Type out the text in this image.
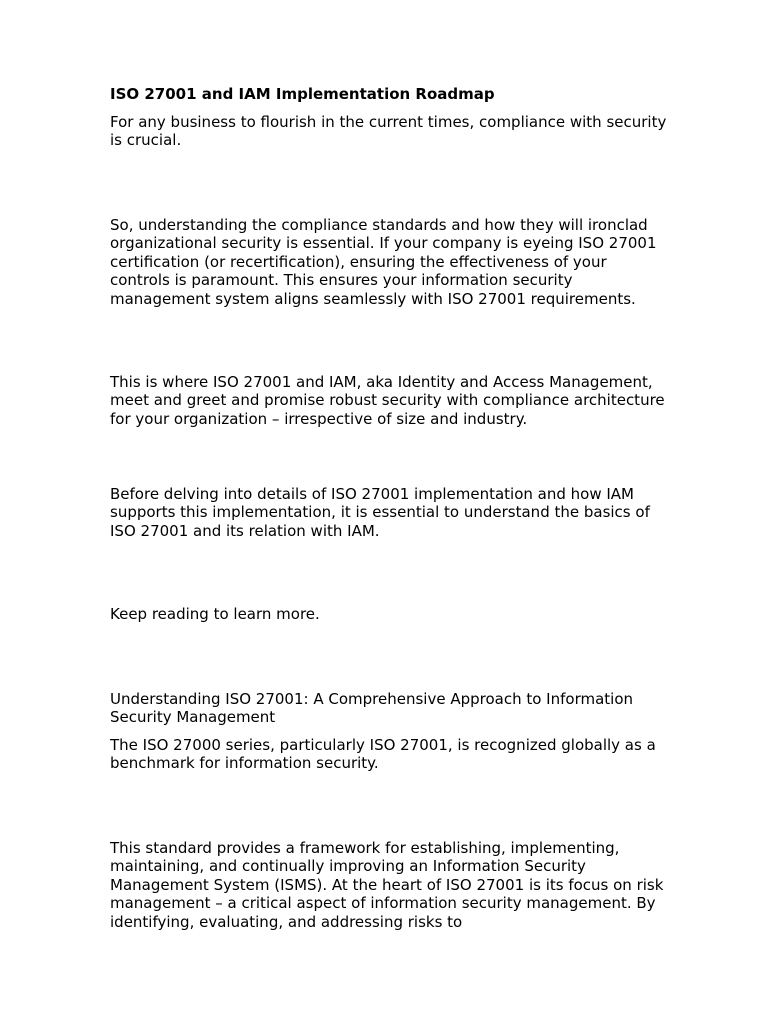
ISO 27001 and IAM Implementation Roadmap

For any business to flourish in the current times, compliance with security is crucial.

So, understanding the compliance standards and how they will ironclad organizational security is essential. If your company is eyeing ISO 27001 certification (or recertification), ensuring the effectiveness of your controls is paramount. This ensures your information security management system aligns seamlessly with ISO 27001 requirements.

This is where ISO 27001 and IAM, aka Identity and Access Management, meet and greet and promise robust security with compliance architecture for your organization – irrespective of size and industry.

Before delving into details of ISO 27001 implementation and how IAM supports this implementation, it is essential to understand the basics of ISO 27001 and its relation with IAM.

Keep reading to learn more.

Understanding ISO 27001: A Comprehensive Approach to Information Security Management

The ISO 27000 series, particularly ISO 27001, is recognized globally as a benchmark for information security.

This standard provides a framework for establishing, implementing, maintaining, and continually improving an Information Security Management System (ISMS). At the heart of ISO 27001 is its focus on risk management – a critical aspect of information security management. By identifying, evaluating, and addressing risks to
